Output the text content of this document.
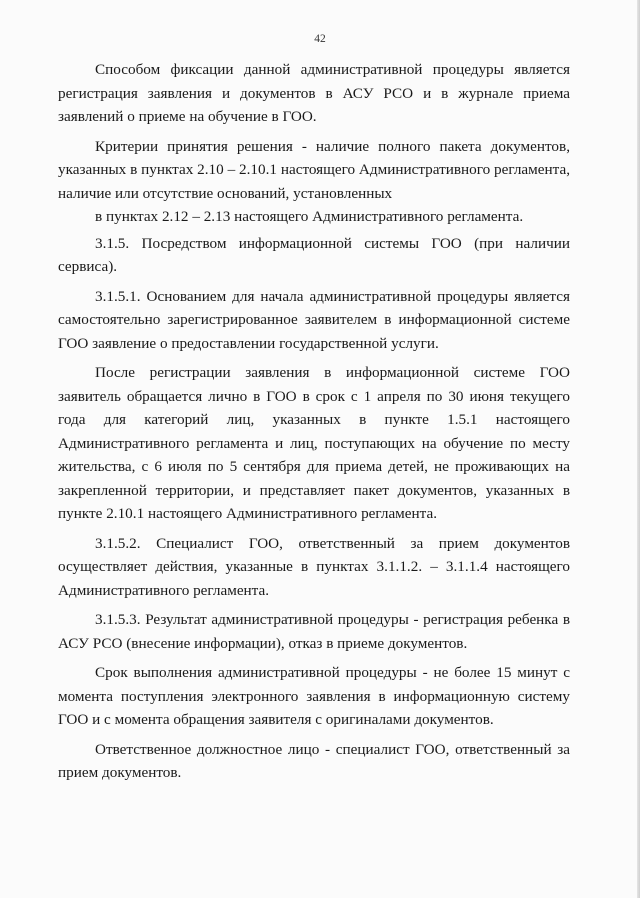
42

Способом фиксации данной административной процедуры является регистрация заявления и документов в АСУ РСО и в журнале приема заявлений о приеме на обучение в ГОО.

Критерии принятия решения - наличие полного пакета документов, указанных в пунктах 2.10 – 2.10.1 настоящего Административного регламента, наличие или отсутствие оснований, установленных

в пунктах 2.12 – 2.13 настоящего Административного регламента.

3.1.5. Посредством информационной системы ГОО (при наличии сервиса).

3.1.5.1. Основанием для начала административной процедуры является самостоятельно зарегистрированное заявителем в информационной системе ГОО заявление о предоставлении государственной услуги.

После регистрации заявления в информационной системе ГОО заявитель обращается лично в ГОО в срок с 1 апреля по 30 июня текущего года для категорий лиц, указанных в пункте 1.5.1 настоящего Административного регламента и лиц, поступающих на обучение по месту жительства, с 6 июля по 5 сентября для приема детей, не проживающих на закрепленной территории, и представляет пакет документов, указанных в пункте 2.10.1 настоящего Административного регламента.

3.1.5.2. Специалист ГОО, ответственный за прием документов осуществляет действия, указанные в пунктах 3.1.1.2. – 3.1.1.4 настоящего Административного регламента.

3.1.5.3. Результат административной процедуры - регистрация ребенка в АСУ РСО (внесение информации), отказ в приеме документов.

Срок выполнения административной процедуры - не более 15 минут с момента поступления электронного заявления в информационную систему ГОО и с момента обращения заявителя с оригиналами документов.

Ответственное должностное лицо - специалист ГОО, ответственный за прием документов.
